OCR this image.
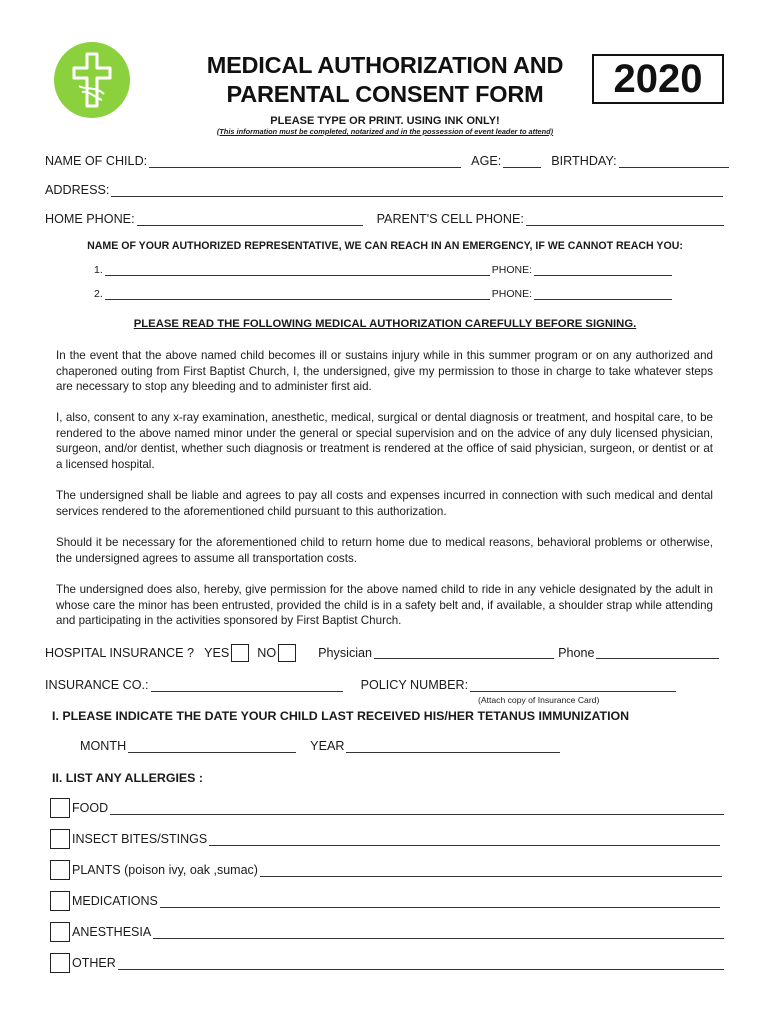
MEDICAL AUTHORIZATION AND
PARENTAL CONSENT FORM	2020
PLEASE TYPE OR PRINT. USING INK ONLY!
(This information must be completed, notarized and in the possession of event leader to attend)
NAME OF CHILD:	AGE:	BIRTHDAY:
ADDRESS:
HOME PHONE:	PARENT'S CELL PHONE:
NAME OF YOUR AUTHORIZED REPRESENTATIVE, WE CAN REACH IN AN EMERGENCY, IF WE CANNOT REACH YOU:
1.	PHONE:
2.	PHONE:
PLEASE READ THE FOLLOWING MEDICAL AUTHORIZATION CAREFULLY BEFORE SIGNING.

In the event that the above named child becomes ill or sustains injury while in this summer program or on any authorized and chaperoned outing from First Baptist Church, I, the undersigned, give my permission to those in charge to take whatever steps are necessary to stop any bleeding and to administer first aid.

I, also, consent to any x-ray examination, anesthetic, medical, surgical or dental diagnosis or treatment, and hospital care, to be rendered to the above named minor under the general or special supervision and on the advice of any duly licensed physician, surgeon, and/or dentist, whether such diagnosis or treatment is rendered at the office of said physician, surgeon, or dentist or at a licensed hospital.

The undersigned shall be liable and agrees to pay all costs and expenses incurred in connection with such medical and dental services rendered to the aforementioned child pursuant to this authorization.

Should it be necessary for the aforementioned child to return home due to medical reasons, behavioral problems or otherwise, the undersigned agrees to assume all transportation costs.

The undersigned does also, hereby, give permission for the above named child to ride in any vehicle designated by the adult in whose care the minor has been entrusted, provided the child is in a safety belt and, if available, a shoulder strap while attending and participating in the activities sponsored by First Baptist Church.

HOSPITAL INSURANCE ? YES NO	Physician	Phone
INSURANCE CO.:	POLICY NUMBER:
(Attach copy of Insurance Card)
I. PLEASE INDICATE THE DATE YOUR CHILD LAST RECEIVED HIS/HER TETANUS IMMUNIZATION
MONTH	YEAR
II. LIST ANY ALLERGIES :
FOOD
INSECT BITES/STINGS
PLANTS (poison ivy, oak ,sumac)
MEDICATIONS
ANESTHESIA
OTHER
